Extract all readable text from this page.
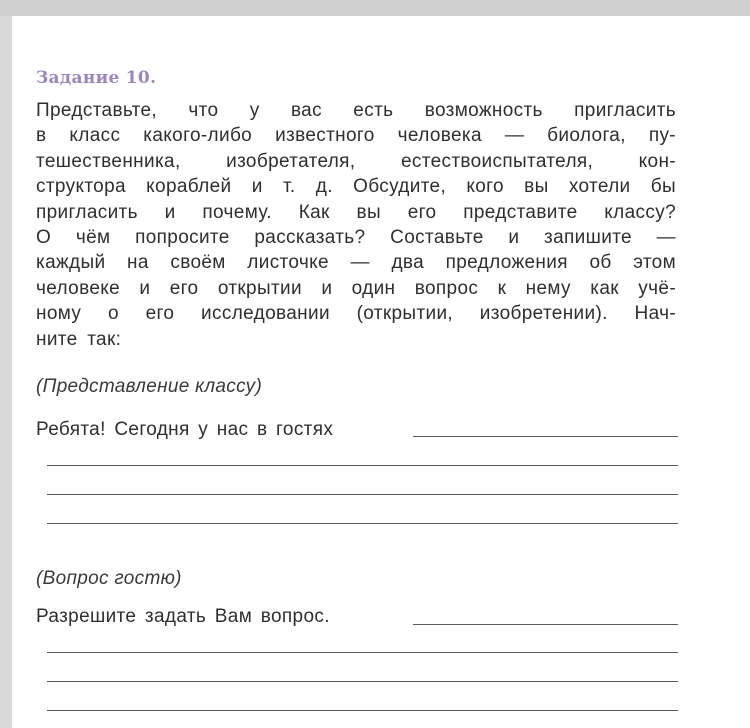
Задание 10.
Представьте, что у вас есть возможность пригласить
в класс какого-либо известного человека — биолога, пу-
тешественника, изобретателя, естествоиспытателя, кон-
структора кораблей и т. д. Обсудите, кого вы хотели бы
пригласить и почему. Как вы его представите классу?
О чём попросите рассказать? Составьте и запишите —
каждый на своём листочке — два предложения об этом
человеке и его открытии и один вопрос к нему как учё-
ному о его исследовании (открытии, изобретении). Нач-
ните так:
(Представление классу)
Ребята! Сегодня у нас в гостях
(Вопрос гостю)
Разрешите задать Вам вопрос.
